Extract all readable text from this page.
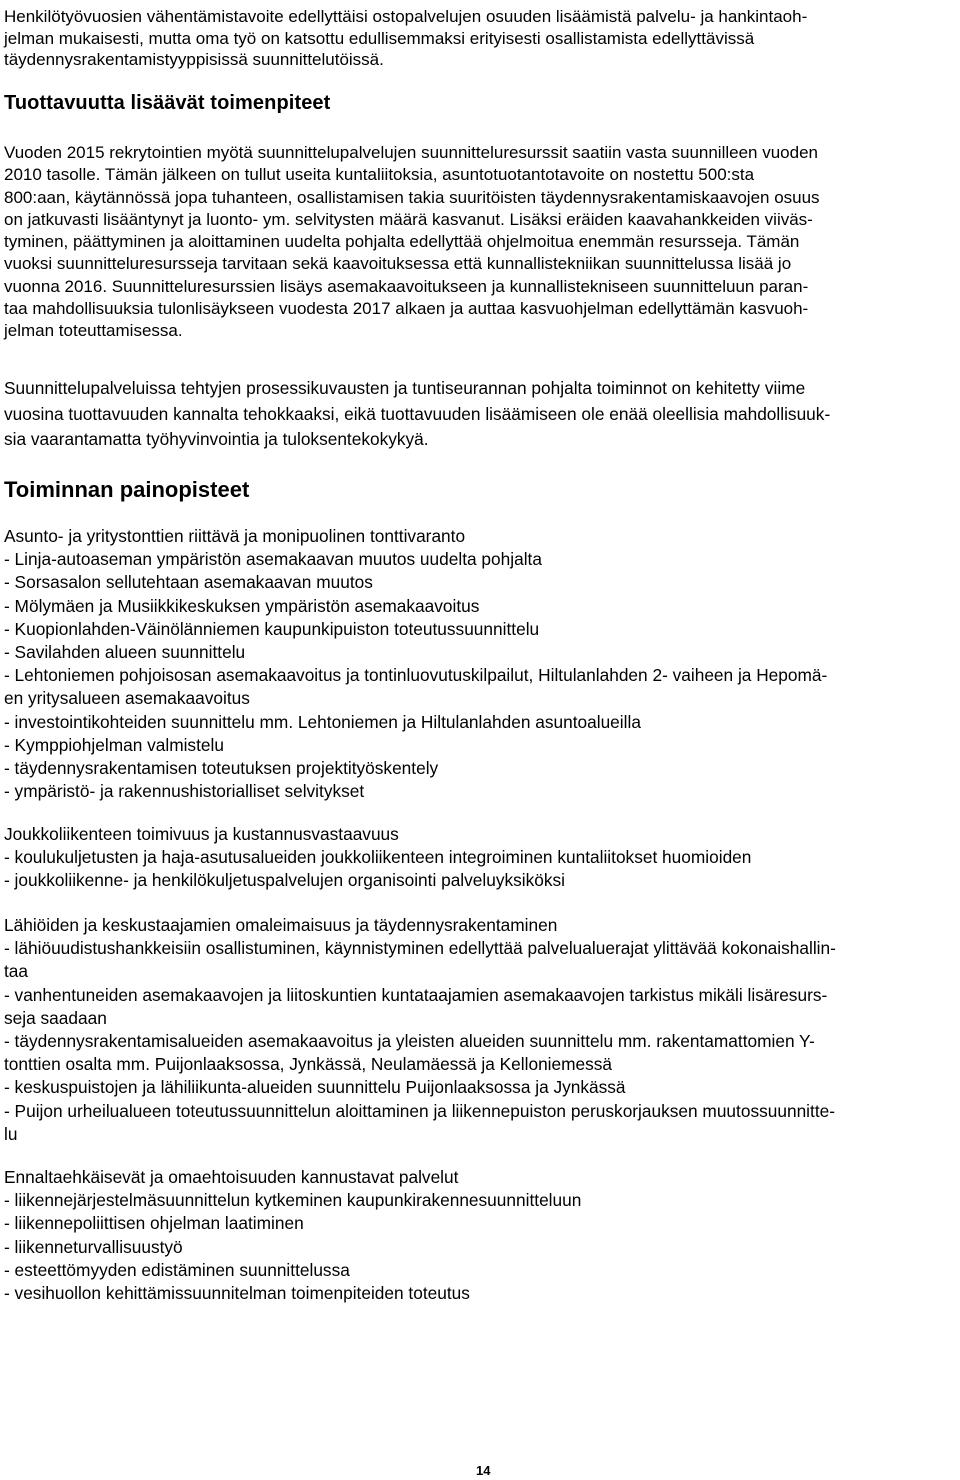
Henkilötyövuosien vähentämistavoite edellyttäisi ostopalvelujen osuuden lisäämistä palvelu- ja hankintaoh-
jelman mukaisesti, mutta oma työ on katsottu edullisemmaksi erityisesti osallistamista edellyttävissä
täydennysrakentamistyyppisissä suunnittelutöissä.
Tuottavuutta lisäävät toimenpiteet
Vuoden 2015 rekrytointien myötä suunnittelupalvelujen suunnitteluresurssit saatiin vasta suunnilleen vuoden
2010 tasolle. Tämän jälkeen on tullut useita kuntaliitoksia, asuntotuotantotavoite on nostettu 500:sta
800:aan, käytännössä jopa tuhanteen, osallistamisen takia suuritöisten täydennysrakentamiskaavojen osuus
on jatkuvasti lisääntynyt ja luonto- ym. selvitysten määrä kasvanut. Lisäksi eräiden kaavahankkeiden viiväs-
tyminen, päättyminen ja aloittaminen uudelta pohjalta edellyttää ohjelmoitua enemmän resursseja. Tämän
vuoksi suunnitteluresursseja tarvitaan sekä kaavoituksessa että kunnallistekniikan suunnittelussa lisää jo
vuonna 2016. Suunnitteluresurssien lisäys asemakaavoitukseen ja kunnallistekniseen suunnitteluun paran-
taa mahdollisuuksia tulonlisäykseen vuodesta 2017 alkaen ja auttaa kasvuohjelman edellyttämän kasvuoh-
jelman toteuttamisessa.
Suunnittelupalveluissa tehtyjen prosessikuvausten ja tuntiseurannan pohjalta toiminnot on kehitetty viime
vuosina tuottavuuden kannalta tehokkaaksi, eikä tuottavuuden lisäämiseen ole enää oleellisia mahdollisuuk-
sia vaarantamatta työhyvinvointia ja tuloksentekokykyä.
Toiminnan painopisteet
Asunto- ja yritystonttien riittävä ja monipuolinen tonttivaranto
- Linja-autoaseman ympäristön asemakaavan muutos uudelta pohjalta
- Sorsasalon sellutehtaan asemakaavan muutos
- Mölymäen ja Musiikkikeskuksen ympäristön asemakaavoitus
- Kuopionlahden-Väinölänniemen kaupunkipuiston toteutussuunnittelu
- Savilahden alueen suunnittelu
- Lehtoniemen pohjoisosan asemakaavoitus ja tontinluovutuskilpailut, Hiltulanlahden 2- vaiheen ja Hepomä-
en yritysalueen asemakaavoitus
- investointikohteiden suunnittelu mm. Lehtoniemen ja Hiltulanlahden asuntoalueilla
- Kymppiohjelman valmistelu
- täydennysrakentamisen toteutuksen projektityöskentely
- ympäristö- ja rakennushistorialliset selvitykset
Joukkoliikenteen toimivuus ja kustannusvastaavuus
- koulukuljetusten ja haja-asutusalueiden joukkoliikenteen integroiminen kuntaliitokset huomioiden
- joukkoliikenne- ja henkilökuljetuspalvelujen organisointi palveluyksiköksi
Lähiöiden ja keskustaajamien omaleimaisuus ja täydennysrakentaminen
- lähiöuudistushankkeisiin osallistuminen, käynnistyminen edellyttää palvelualuerajat ylittävää kokonaishallin-
taa
- vanhentuneiden asemakaavojen ja liitoskuntien kuntataajamien asemakaavojen tarkistus mikäli lisäresurs-
seja saadaan
- täydennysrakentamisalueiden asemakaavoitus ja yleisten alueiden suunnittelu mm. rakentamattomien Y-
tonttien osalta mm. Puijonlaaksossa, Jynkässä, Neulamäessä ja Kelloniemessä
- keskuspuistojen ja lähiliikunta-alueiden suunnittelu Puijonlaaksossa ja Jynkässä
- Puijon urheilualueen toteutussuunnittelun aloittaminen ja liikennepuiston peruskorjauksen muutossuunnitte-
lu
Ennaltaehkäisevät ja omaehtoisuuden kannustavat palvelut
- liikennejärjestelmäsuunnittelun kytkeminen kaupunkirakennesuunnitteluun
- liikennepoliittisen ohjelman laatiminen
- liikenneturvallisuustyö
- esteettömyyden edistäminen suunnittelussa
- vesihuollon kehittämissuunnitelman toimenpiteiden toteutus
14
